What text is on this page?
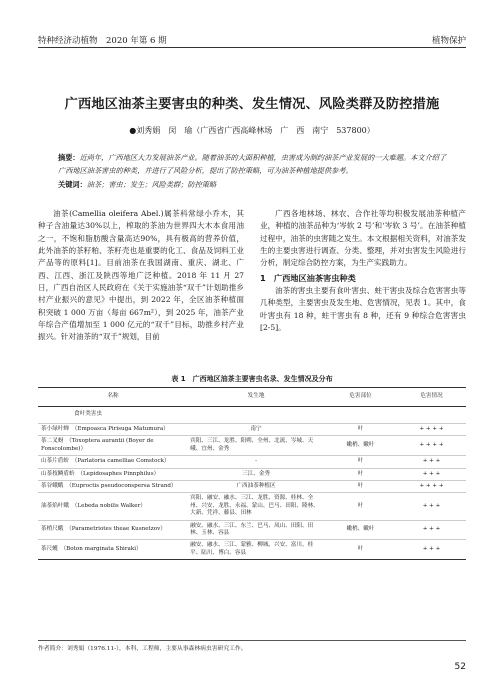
特种经济动植物　2020 年第 6 期	植物保护
广西地区油茶主要害虫的种类、发生情况、风险类群及防控措施
●刘秀娟　闵　瑜（广西省广西高峰林场　广　西　南宁　537800）
摘要：近尚年，广西地区大力发展油茶产业。随着油茶的大面积种植，虫害成为制约油茶产业发展的一大难题。本文介绍了广西地区油茶害虫的种类，并进行了风险分析，提出了防控策略，可为油茶种植地提供参考。
关键词：油茶；害虫；发生；风险类群；防控策略

油茶(Camellia oleifera Abel.)属茶科常绿小乔木，其种子含油量达30%以上，榨取的茶油为世界四大木本食用油之一，不饱和脂肪酸含量高达90%，具有极高的营养价值，此外油茶的茶籽粕、茶籽壳也是重要的化工、食品及饲料工业产品等的原料[1]。目前油茶在我国湖南、重庆、湖北、广西、江西、浙江及陕西等地广泛种植。2018 年 11 月 27 日，广西自治区人民政府在《关于实施油茶“双千”计划助推乡村产业振兴的意见》中提出，到 2022 年，全区油茶种植面积突破 1 000 万亩（每亩 667m²），到 2025 年，油茶产业年综合产值增加至 1 000 亿元的“双千”目标，助推乡村产业振兴。针对油茶的“双千”规划，目前

广西各地林场、林农、合作社等均积极发展油茶种植产业，种植的油茶品种为‘岑软 2 号’和‘岑软 3 号’。在油茶种植过程中，油茶的虫害随之发生。本文根据相关资料，对油茶发生的主要虫害进行调查、分类、整理，并对虫害发生风险进行分析，制定综合防控方案，为生产实践助力。

1　广西地区油茶害虫种类

油茶的害虫主要有食叶害虫、蛀干害虫及综合危害害虫等几种类型，主要害虫及发生地、危害情况，见表 1。其中，食叶害虫有 18 种，蛀干害虫有 8 种，还有 9 种综合危害害虫[2-5]。

表 1　广西地区油茶主要害虫名录、发生情况及分布
名称	发生地	危害部位	危害情况
食叶类害虫			
茶小绿叶蝉　（Empoasca Pirisuga Matumura）	南宁	叶	+ + + +
茶二叉蚜　（Toxoptera aurantii (Boyer de Fonscolombe)）	宾阳、三江、龙胜、阳朔、全州、北流、岑城、天峨、宜州、金秀	嫩梢、嫩叶	+ + + +
山茶片盾蚧　（Parlatoria camelliae Comstock）	-	叶	+ + +
山茶枝鳞盾蚧　（Lepidosaphes Pinnphilus）	三江、金秀	叶	+ + +
茶谷蛾蛾　（Euproctis pseudoconspersa Strand）	广西油茶种植区	叶	+ + + +
油茶焰叶蛾　（Lebeda nobilis Walker）	宾阳、融安、融水、三江、龙胜、资源、桂林、全州、兴安、龙胜、永福、蒙山、巴马、田阳、隆林、大新、凭祥、藤县、田林	叶	+ + +
茶梢尺蛾　（Parametriotes theae Kusnetzov）	融安、融水、三江、东兰、巴马、凤山、田阳、田林、玉林、容县	嫩梢、嫩叶	+ + +
茶尺蠖　（Boton marginata Shiraki）	融安、融水、三江、蒙雅、柳城、兴安、富川、桂平、陆川、博白、容县	叶	+ + +
作者简介：刘秀娟（1976.11-），本科，工程师，主要从事森林病虫害研究工作。
52
